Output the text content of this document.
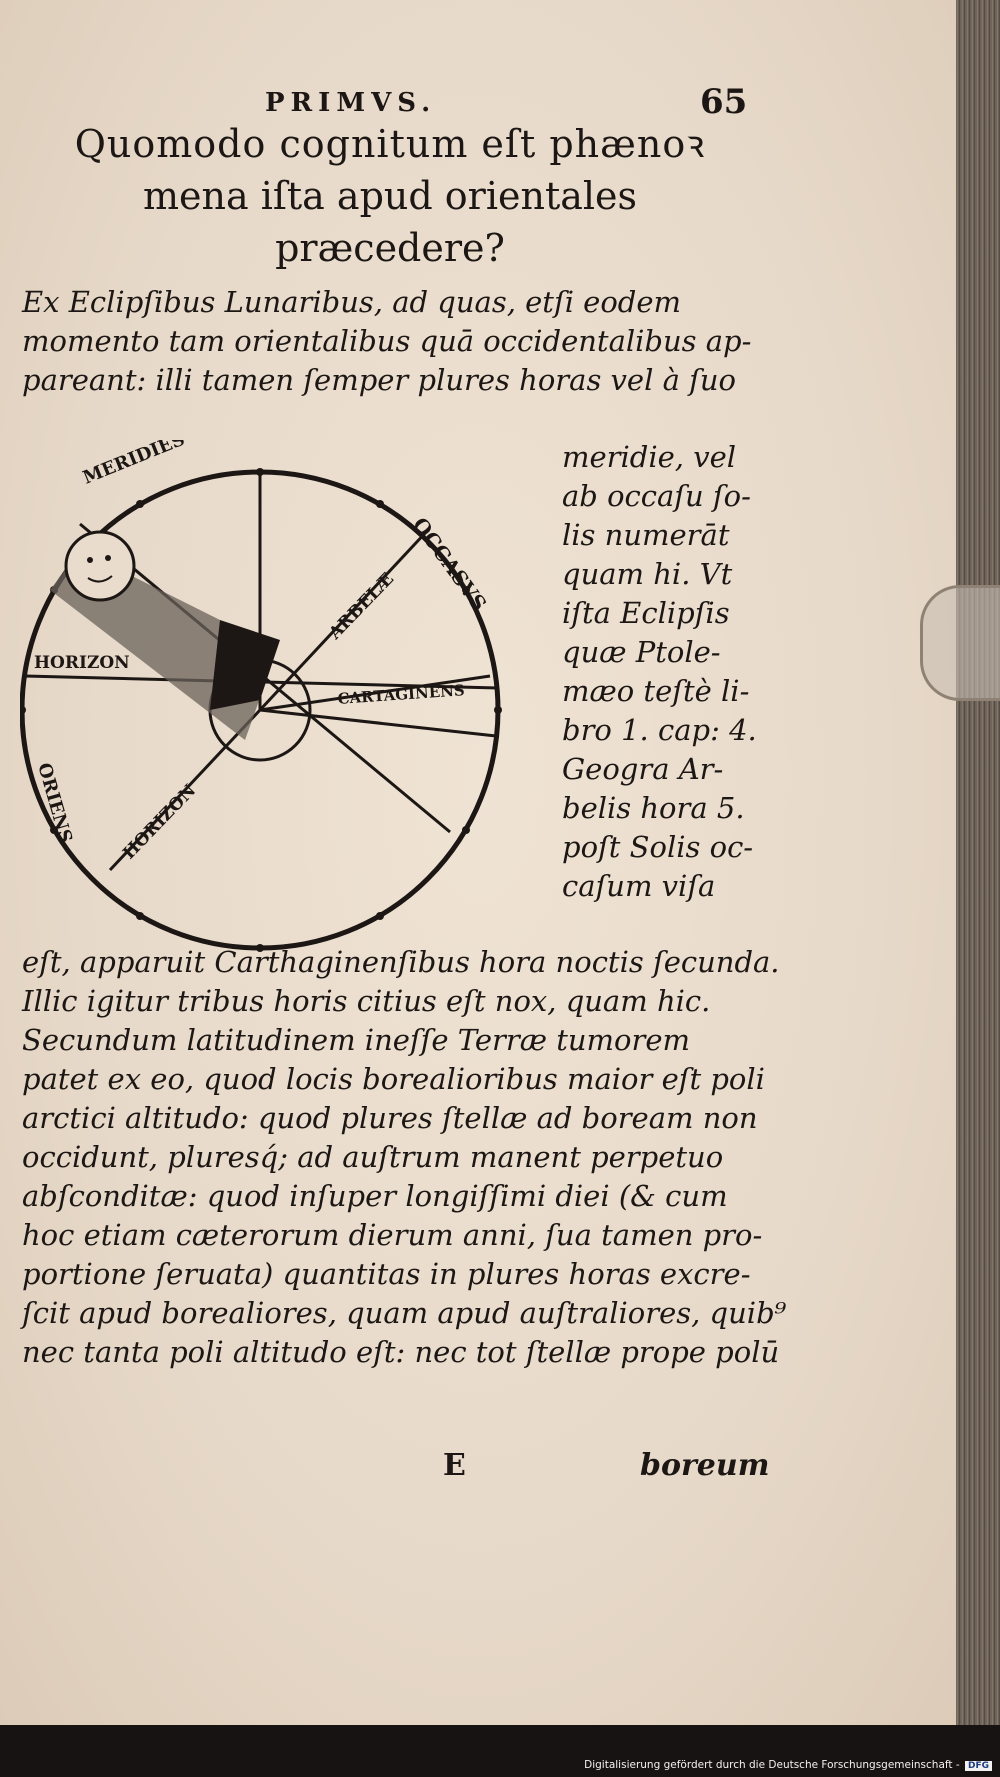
PRIMVS.	65
Quomodo cognitum eſt phænoꝛ
mena iſta apud orientales
præcedere?
Ex Eclipſibus Lunaribus, ad quas, etſi eodem
momento tam orientalibus quā occidentalibus ap-
pareant: illi tamen ſemper plures horas vel à ſuo
meridie, vel
ab occaſu ſo-
lis numerāt
quam hi. Vt
iſta Eclipſis
quæ Ptole-
mæo teſtè li-
bro 1. cap: 4.
Geogra Ar-
belis hora 5.
poſt Solis oc-
caſum viſa
MERIDIES
OCCASVS
ORIENS
HORIZON
HORIZON
ARBELÆ
CARTAGINENS
eſt, apparuit Carthaginenſibus hora noctis ſecunda.
Illic igitur tribus horis citius eſt nox, quam hic.
Secundum latitudinem ineſſe Terræ tumorem
patet ex eo, quod locis borealioribus maior eſt poli
arctici altitudo: quod plures ſtellæ ad boream non
occidunt, pluresq́; ad auſtrum manent perpetuo
abſconditæ: quod inſuper longiſſimi diei (& cum
hoc etiam cæterorum dierum anni, ſua tamen pro-
portione ſeruata) quantitas in plures horas excre-
ſcit apud borealiores, quam apud auſtraliores, quib⁹
nec tanta poli altitudo eſt: nec tot ſtellæ prope polū
E	boreum
Digitalisierung gefördert durch die Deutsche Forschungsgemeinschaft - DFG
